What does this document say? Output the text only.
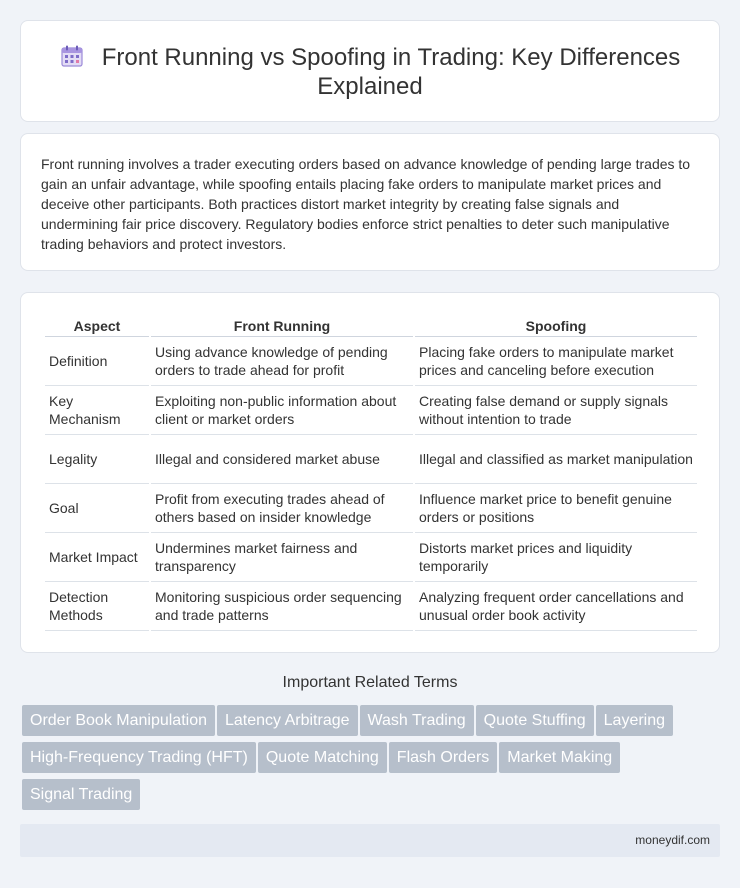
Front Running vs Spoofing in Trading: Key Differences Explained

Front running involves a trader executing orders based on advance knowledge of pending large trades to gain an unfair advantage, while spoofing entails placing fake orders to manipulate market prices and deceive other participants. Both practices distort market integrity by creating false signals and undermining fair price discovery. Regulatory bodies enforce strict penalties to deter such manipulative trading behaviors and protect investors.

Aspect	Front Running	Spoofing
Definition	Using advance knowledge of pending orders to trade ahead for profit	Placing fake orders to manipulate market prices and canceling before execution
Key Mechanism	Exploiting non-public information about client or market orders	Creating false demand or supply signals without intention to trade
Legality	Illegal and considered market abuse	Illegal and classified as market manipulation
Goal	Profit from executing trades ahead of others based on insider knowledge	Influence market price to benefit genuine orders or positions
Market Impact	Undermines market fairness and transparency	Distorts market prices and liquidity temporarily
Detection Methods	Monitoring suspicious order sequencing and trade patterns	Analyzing frequent order cancellations and unusual order book activity
Important Related Terms
Order Book Manipulation Latency Arbitrage Wash Trading Quote Stuffing Layering
High-Frequency Trading (HFT) Quote Matching Flash Orders Market Making
Signal Trading
moneydif.com
